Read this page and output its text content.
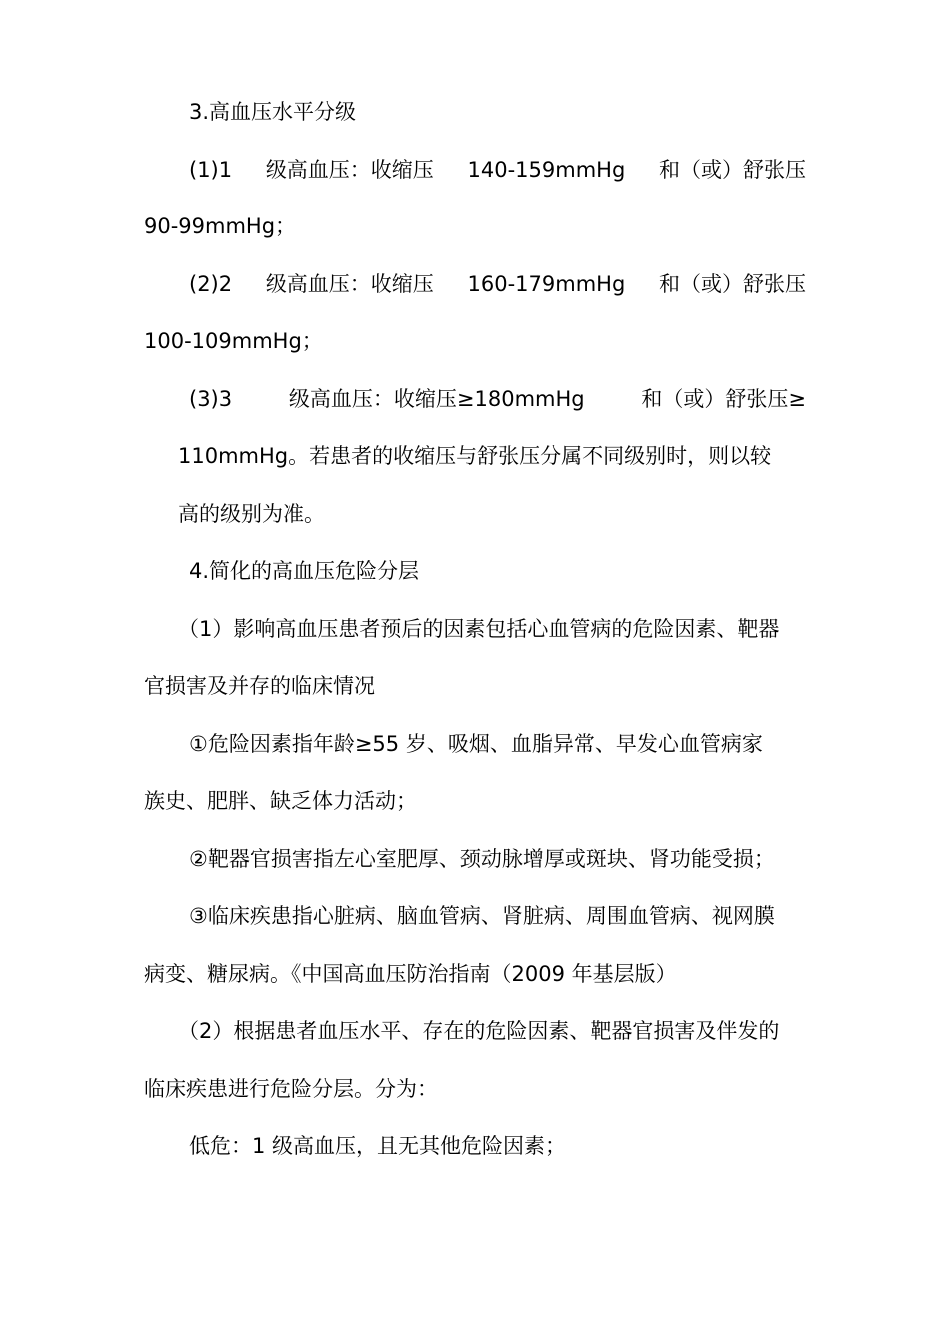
3.高血压水平分级
(1)1 级高血压：收缩压 140-159mmHg 和（或）舒张压
90-99mmHg；
(2)2 级高血压：收缩压 160-179mmHg 和（或）舒张压
100-109mmHg；
(3)3	级高血压：收缩压≥180mmHg	和（或）舒张压≥
110mmHg。若患者的收缩压与舒张压分属不同级别时，则以较
高的级别为准。
4.简化的高血压危险分层
（1）影响高血压患者预后的因素包括心血管病的危险因素、靶器
官损害及并存的临床情况
①危险因素指年龄≥55 岁、吸烟、血脂异常、早发心血管病家
族史、肥胖、缺乏体力活动；
②靶器官损害指左心室肥厚、颈动脉增厚或斑块、肾功能受损；
③临床疾患指心脏病、脑血管病、肾脏病、周围血管病、视网膜
病变、糖尿病。《中国高血压防治指南（2009 年基层版）
（2）根据患者血压水平、存在的危险因素、靶器官损害及伴发的
临床疾患进行危险分层。分为：
低危：1 级高血压，且无其他危险因素；
